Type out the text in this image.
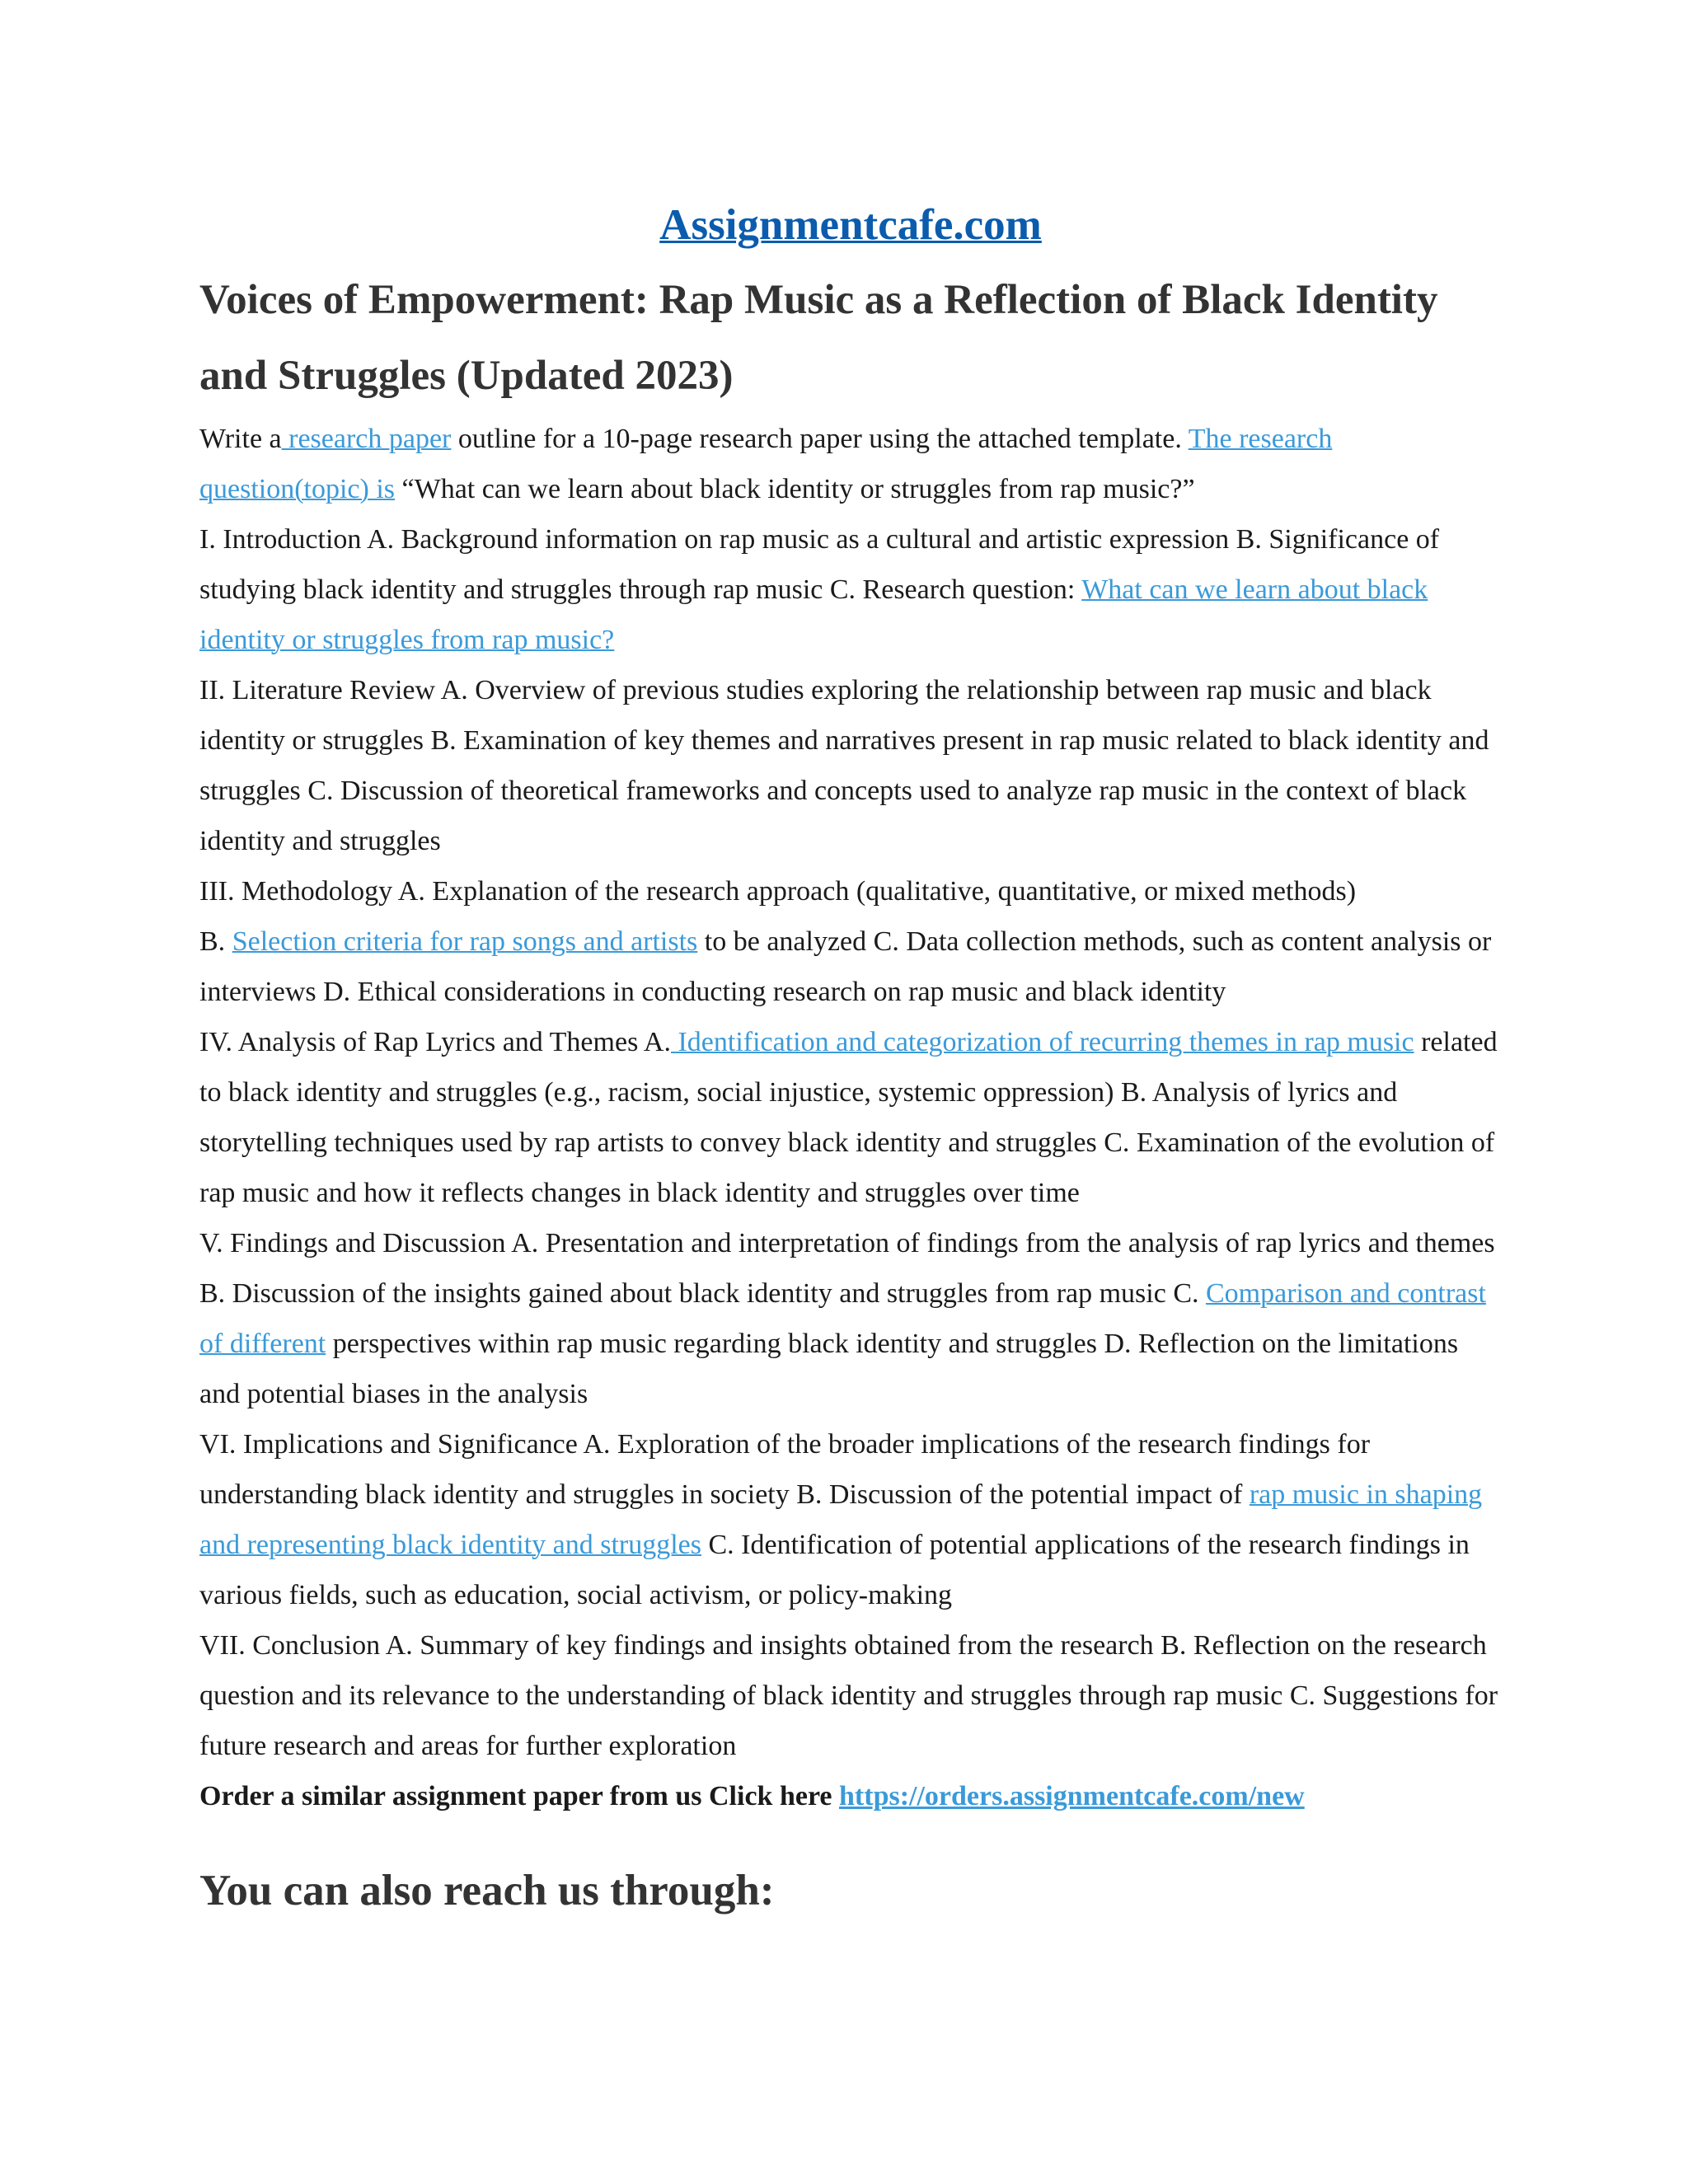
Assignmentcafe.com
Voices of Empowerment: Rap Music as a Reflection of Black Identity and Struggles (Updated 2023)

Write a research paper outline for a 10-page research paper using the attached template. The research question(topic) is “What can we learn about black identity or struggles from rap music?”

I. Introduction A. Background information on rap music as a cultural and artistic expression B. Significance of studying black identity and struggles through rap music C. Research question: What can we learn about black identity or struggles from rap music?

II. Literature Review A. Overview of previous studies exploring the relationship between rap music and black identity or struggles B. Examination of key themes and narratives present in rap music related to black identity and struggles C. Discussion of theoretical frameworks and concepts used to analyze rap music in the context of black identity and struggles

III. Methodology A. Explanation of the research approach (qualitative, quantitative, or mixed methods)

B. Selection criteria for rap songs and artists to be analyzed C. Data collection methods, such as content analysis or interviews D. Ethical considerations in conducting research on rap music and black identity

IV. Analysis of Rap Lyrics and Themes A. Identification and categorization of recurring themes in rap music related to black identity and struggles (e.g., racism, social injustice, systemic oppression) B. Analysis of lyrics and storytelling techniques used by rap artists to convey black identity and struggles C. Examination of the evolution of rap music and how it reflects changes in black identity and struggles over time

V. Findings and Discussion A. Presentation and interpretation of findings from the analysis of rap lyrics and themes B. Discussion of the insights gained about black identity and struggles from rap music C. Comparison and contrast of different perspectives within rap music regarding black identity and struggles D. Reflection on the limitations and potential biases in the analysis

VI. Implications and Significance A. Exploration of the broader implications of the research findings for understanding black identity and struggles in society B. Discussion of the potential impact of rap music in shaping and representing black identity and struggles C. Identification of potential applications of the research findings in various fields, such as education, social activism, or policy-making

VII. Conclusion A. Summary of key findings and insights obtained from the research B. Reflection on the research question and its relevance to the understanding of black identity and struggles through rap music C. Suggestions for future research and areas for further exploration

Order a similar assignment paper from us Click here https://orders.assignmentcafe.com/new

You can also reach us through:
